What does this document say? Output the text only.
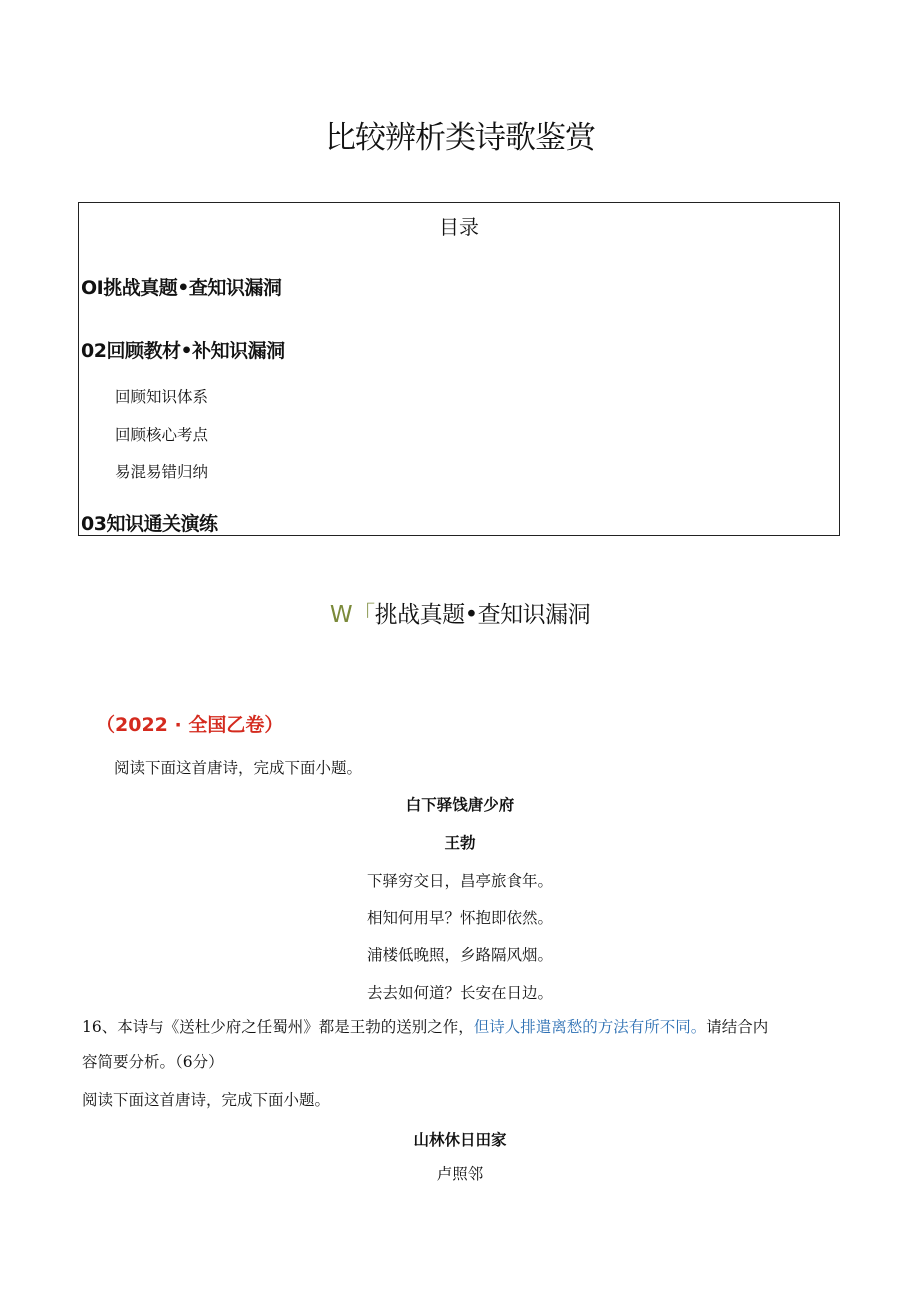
比较辨析类诗歌鉴赏
目录
OI挑战真题•查知识漏洞
02回顾教材•补知识漏洞
回顾知识体系
回顾核心考点
易混易错归纳
03知识通关演练
W「挑战真题•查知识漏洞
（2022 · 全国乙卷）
阅读下面这首唐诗，完成下面小题。
白下驿饯唐少府
王勃
下驿穷交日，昌亭旅食年。
相知何用早？怀抱即依然。
浦楼低晚照，乡路隔风烟。
去去如何道？长安在日边。
16、本诗与《送杜少府之任蜀州》都是王勃的送别之作，但诗人排遣离愁的方法有所不同。请结合内
容简要分析。（6分）
阅读下面这首唐诗，完成下面小题。
山林休日田家
卢照邻
